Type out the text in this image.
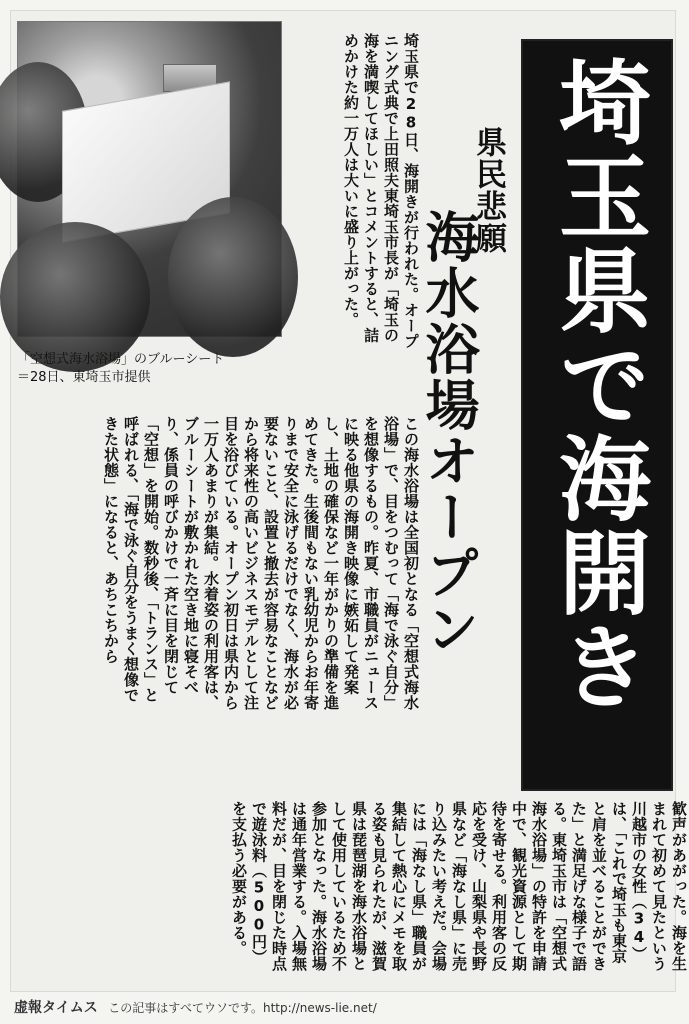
「空想式海水浴場」のブルーシート
＝28日、東埼玉市提供	埼玉県で海開き
県民悲願
海水浴場オープン
埼玉県で28日、海開きが行われた。オープニング式典で上田照夫東埼玉市長が「埼玉の海を満喫してほしい」とコメントすると、詰めかけた約一万人は大いに盛り上がった。
この海水浴場は全国初となる「空想式海水浴場」で、目をつむって「海で泳ぐ自分」を想像するもの。昨夏、市職員がニュースに映る他県の海開き映像に嫉妬して発案し、土地の確保など一年がかりの準備を進めてきた。生後間もない乳幼児からお年寄りまで安全に泳げるだけでなく、海水が必要ないこと、設置と撤去が容易なことなどから将来性の高いビジネスモデルとして注目を浴びている。オープン初日は県内から一万人あまりが集結。水着姿の利用客は、ブルーシートが敷かれた空き地に寝そべり、係員の呼びかけで一斉に目を閉じて「空想」を開始。数秒後、「トランス」と呼ばれる、「海で泳ぐ自分をうまく想像できた状態」になると、あちこちから
歓声があがった。海を生まれて初めて見たという川越市の女性（34）は、「これで埼玉も東京と肩を並べることができた」と満足げな様子で語る。東埼玉市は「空想式海水浴場」の特許を申請中で、観光資源として期待を寄せる。利用客の反応を受け、山梨県や長野県など「海なし県」に売り込みたい考えだ。会場には「海なし県」職員が集結して熱心にメモを取る姿も見られたが、滋賀県は琵琶湖を海水浴場として使用しているため不参加となった。海水浴場は通年営業する。入場無料だが、目を閉じた時点で遊泳料（500円）を支払う必要がある。
虚報タイムス この記事はすべてウソです。http://news-lie.net/
